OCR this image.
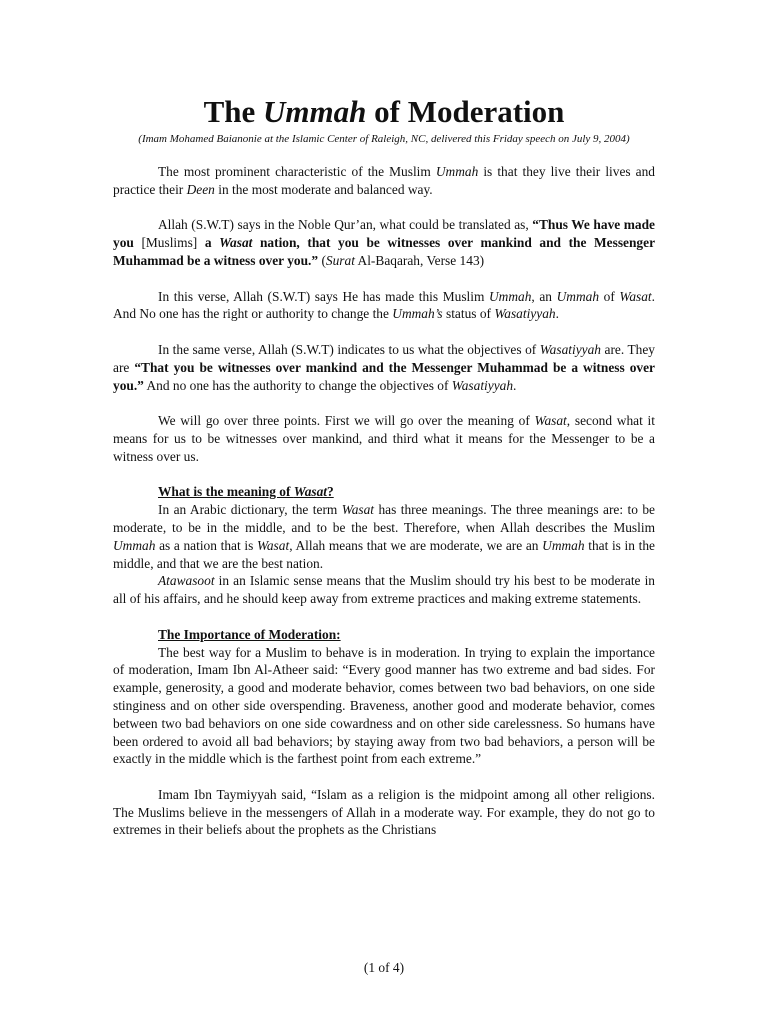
The Ummah of Moderation
(Imam Mohamed Baianonie at the Islamic Center of Raleigh, NC, delivered this Friday speech on July 9, 2004)

The most prominent characteristic of the Muslim Ummah is that they live their lives and practice their Deen in the most moderate and balanced way.

Allah (S.W.T) says in the Noble Qur’an, what could be translated as, “Thus We have made you [Muslims] a Wasat nation, that you be witnesses over mankind and the Messenger Muhammad be a witness over you.” (Surat Al-Baqarah, Verse 143)

In this verse, Allah (S.W.T) says He has made this Muslim Ummah, an Ummah of Wasat. And No one has the right or authority to change the Ummah’s status of Wasatiyyah.

In the same verse, Allah (S.W.T) indicates to us what the objectives of Wasatiyyah are. They are “That you be witnesses over mankind and the Messenger Muhammad be a witness over you.” And no one has the authority to change the objectives of Wasatiyyah.

We will go over three points. First we will go over the meaning of Wasat, second what it means for us to be witnesses over mankind, and third what it means for the Messenger to be a witness over us.

What is the meaning of Wasat?

In an Arabic dictionary, the term Wasat has three meanings. The three meanings are: to be moderate, to be in the middle, and to be the best. Therefore, when Allah describes the Muslim Ummah as a nation that is Wasat, Allah means that we are moderate, we are an Ummah that is in the middle, and that we are the best nation.

Atawasoot in an Islamic sense means that the Muslim should try his best to be moderate in all of his affairs, and he should keep away from extreme practices and making extreme statements.

The Importance of Moderation:

The best way for a Muslim to behave is in moderation. In trying to explain the importance of moderation, Imam Ibn Al-Atheer said: “Every good manner has two extreme and bad sides. For example, generosity, a good and moderate behavior, comes between two bad behaviors, on one side stinginess and on other side overspending. Braveness, another good and moderate behavior, comes between two bad behaviors on one side cowardness and on other side carelessness. So humans have been ordered to avoid all bad behaviors; by staying away from two bad behaviors, a person will be exactly in the middle which is the farthest point from each extreme.”

Imam Ibn Taymiyyah said, “Islam as a religion is the midpoint among all other religions. The Muslims believe in the messengers of Allah in a moderate way. For example, they do not go to extremes in their beliefs about the prophets as the Christians

(1 of 4)
